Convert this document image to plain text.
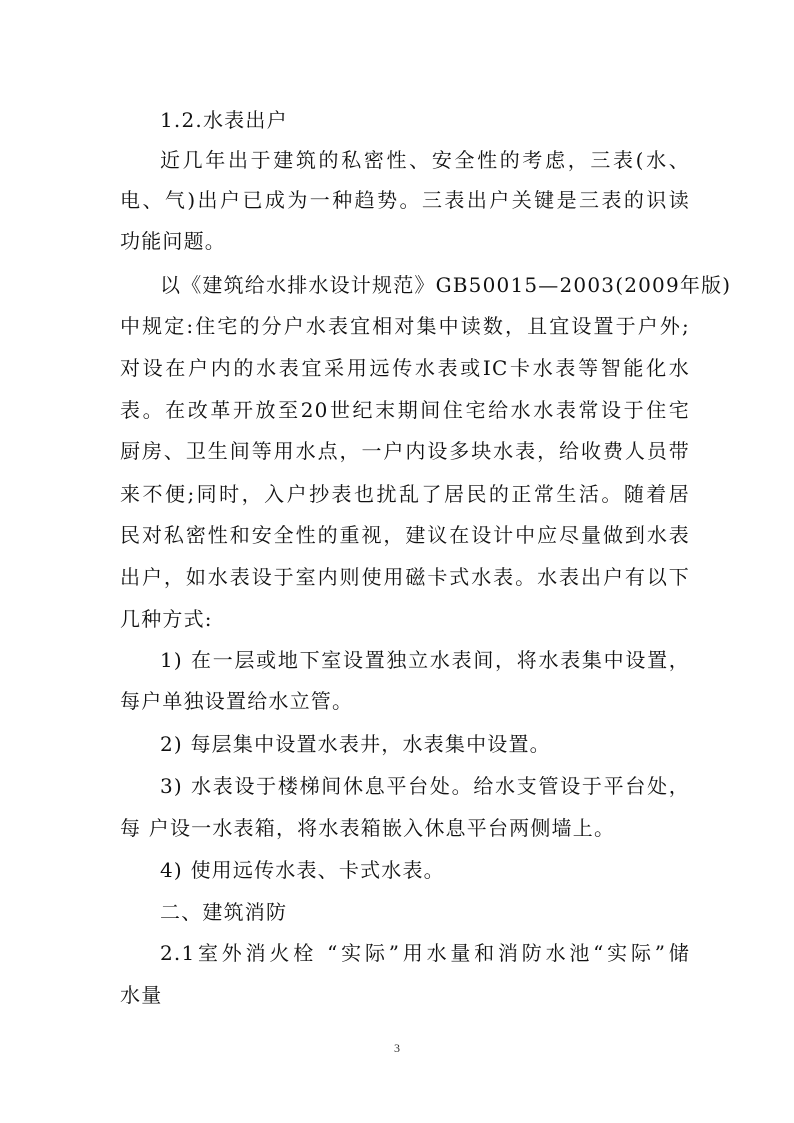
1.2.水表出户
近几年出于建筑的私密性、安全性的考虑，三表(水、
电、气)出户已成为一种趋势。三表出户关键是三表的识读
功能问题。
以《建筑给水排水设计规范》GB50015—2003(2009年版)
中规定:住宅的分户水表宜相对集中读数，且宜设置于户外;
对设在户内的水表宜采用远传水表或IC卡水表等智能化水
表。在改革开放至20世纪末期间住宅给水水表常设于住宅
厨房、卫生间等用水点，一户内设多块水表，给收费人员带
来不便;同时，入户抄表也扰乱了居民的正常生活。随着居
民对私密性和安全性的重视，建议在设计中应尽量做到水表
出户，如水表设于室内则使用磁卡式水表。水表出户有以下
几种方式:
1) 在一层或地下室设置独立水表间，将水表集中设置，
每户单独设置给水立管。
2) 每层集中设置水表井，水表集中设置。
3) 水表设于楼梯间休息平台处。给水支管设于平台处，
每 户设一水表箱，将水表箱嵌入休息平台两侧墙上。
4) 使用远传水表、卡式水表。
二、建筑消防
2.1室外消火栓 “实际”用水量和消防水池“实际”储
水量
3
